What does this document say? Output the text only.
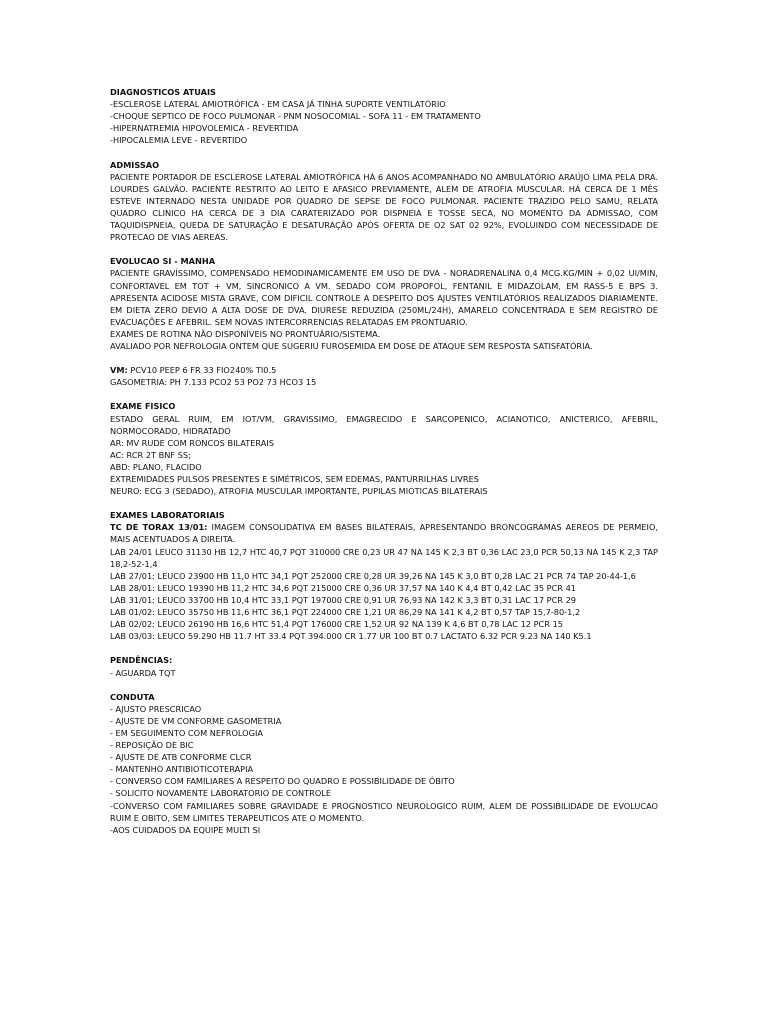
DIAGNOSTICOS ATUAIS
-ESCLEROSE LATERAL AMIOTRÓFICA - EM CASA JÁ TINHA SUPORTE VENTILATÓRIO
-CHOQUE SEPTICO DE FOCO PULMONAR - PNM NOSOCOMIAL - SOFA 11 - EM TRATAMENTO
-HIPERNATREMIA HIPOVOLEMICA - REVERTIDA
-HIPOCALEMIA LEVE - REVERTIDO
ADMISSAO
PACIENTE PORTADOR DE ESCLEROSE LATERAL AMIOTRÓFICA HÁ 6 ANOS ACOMPANHADO NO AMBULATÓRIO ARAÚJO LIMA PELA DRA. LOURDES GALVÃO. PACIENTE RESTRITO AO LEITO E AFASICO PREVIAMENTE, ALEM DE ATROFIA MUSCULAR. HÁ CERCA DE 1 MÊS ESTEVE INTERNADO NESTA UNIDADE POR QUADRO DE SEPSE DE FOCO PULMONAR. PACIENTE TRAZIDO PELO SAMU, RELATA QUADRO CLINICO HA CERCA DE 3 DIA CARATERIZADO POR DISPNEIA E TOSSE SECA, NO MOMENTO DA ADMISSAO, COM TAQUIDISPNEIA, QUEDA DE SATURAÇÃO E DESATURAÇÃO APÓS OFERTA DE O2 SAT 02 92%, EVOLUINDO COM NECESSIDADE DE PROTECAO DE VIAS AEREAS.
EVOLUCAO SI - MANHA
PACIENTE GRAVÍSSIMO, COMPENSADO HEMODINAMICAMENTE EM USO DE DVA - NORADRENALINA 0,4 MCG.KG/MIN + 0,02 UI/MIN, CONFORTAVEL EM TOT + VM, SINCRONICO A VM. SEDADO COM PROPOFOL, FENTANIL E MIDAZOLAM, EM RASS-5 E BPS 3. APRESENTA ACIDOSE MISTA GRAVE, COM DIFICIL CONTROLE A DESPEITO DOS AJUSTES VENTILATÓRIOS REALIZADOS DIARIAMENTE. EM DIETA ZERO DEVIO A ALTA DOSE DE DVA. DIURESE REDUZIDA (250ML/24H), AMARELO CONCENTRADA E SEM REGISTRO DE EVACUAÇÕES E AFEBRIL. SEM NOVAS INTERCORRENCIAS RELATADAS EM PRONTUARIO.
EXAMES DE ROTINA NÃO DISPONÍVEIS NO PRONTUÁRIO/SISTEMA.
AVALIADO POR NEFROLOGIA ONTEM QUE SUGERIU FUROSEMIDA EM DOSE DE ATAQUE SEM RESPOSTA SATISFATÓRIA.
VM: PCV10 PEEP 6 FR 33 FIO240% TI0.5
GASOMETRIA: PH 7.133 PCO2 53 PO2 73 HCO3 15
EXAME FISICO
ESTADO GERAL RUIM, EM IOT/VM, GRAVISSIMO, EMAGRECIDO E SARCOPENICO, ACIANOTICO, ANICTERICO, AFEBRIL, NORMOCORADO, HIDRATADO
AR: MV RUDE COM RONCOS BILATERAIS
AC: RCR 2T BNF SS;
ABD: PLANO, FLACIDO
EXTREMIDADES PULSOS PRESENTES E SIMÉTRICOS, SEM EDEMAS, PANTURRILHAS LIVRES
NEURO: ECG 3 (SEDADO), ATROFIA MUSCULAR IMPORTANTE, PUPILAS MIOTICAS BILATERAIS
EXAMES LABORATORIAIS
TC DE TORAX 13/01: IMAGEM CONSOLIDATIVA EM BASES BILATERAIS, APRESENTANDO BRONCOGRAMAS AEREOS DE PERMEIO, MAIS ACENTUADOS A DIREITA.
LAB 24/01 LEUCO 31130 HB 12,7 HTC 40,7 PQT 310000 CRE 0,23 UR 47 NA 145 K 2,3 BT 0,36 LAC 23,0 PCR 50,13 NA 145 K 2,3 TAP 18,2-52-1,4
LAB 27/01: LEUCO 23900 HB 11,0 HTC 34,1 PQT 252000 CRE 0,28 UR 39,26 NA 145 K 3,0 BT 0,28 LAC 21 PCR 74 TAP 20-44-1,6
LAB 28/01: LEUCO 19390 HB 11,2 HTC 34,6 PQT 215000 CRE 0,36 UR 37,57 NA 140 K 4,4 BT 0,42 LAC 35 PCR 41
LAB 31/01: LEUCO 33700 HB 10,4 HTC 33,1 PQT 197000 CRE 0,91 UR 76,93 NA 142 K 3,3 BT 0,31 LAC 17 PCR 29
LAB 01/02: LEUCO 35750 HB 11,6 HTC 36,1 PQT 224000 CRE 1,21 UR 86,29 NA 141 K 4,2 BT 0,57 TAP 15,7-80-1,2
LAB 02/02: LEUCO 26190 HB 16,6 HTC 51,4 PQT 176000 CRE 1,52 UR 92 NA 139 K 4,6 BT 0,78 LAC 12 PCR 15
LAB 03/03: LEUCO 59.290 HB 11.7 HT 33.4 PQT 394.000 CR 1.77 UR 100 BT 0.7 LACTATO 6.32 PCR 9.23 NA 140 K5.1
PENDÊNCIAS:
- AGUARDA TQT
CONDUTA
- AJUSTO PRESCRICAO
- AJUSTE DE VM CONFORME GASOMETRIA
- EM SEGUIMENTO COM NEFROLOGIA
- REPOSIÇÃO DE BIC
- AJUSTE DE ATB CONFORME CLCR
- MANTENHO ANTIBIOTICOTERAPIA
- CONVERSO COM FAMILIARES A RESPEITO DO QUADRO E POSSIBILIDADE DE ÓBITO
- SOLICITO NOVAMENTE LABORATORIO DE CONTROLE
-CONVERSO COM FAMILIARES SOBRE GRAVIDADE E PROGNOSTICO NEUROLOGICO RUIM, ALEM DE POSSIBILIDADE DE EVOLUCAO RUIM E OBITO, SEM LIMITES TERAPEUTICOS ATE O MOMENTO.
-AOS CUIDADOS DA EQUIPE MULTI SI
